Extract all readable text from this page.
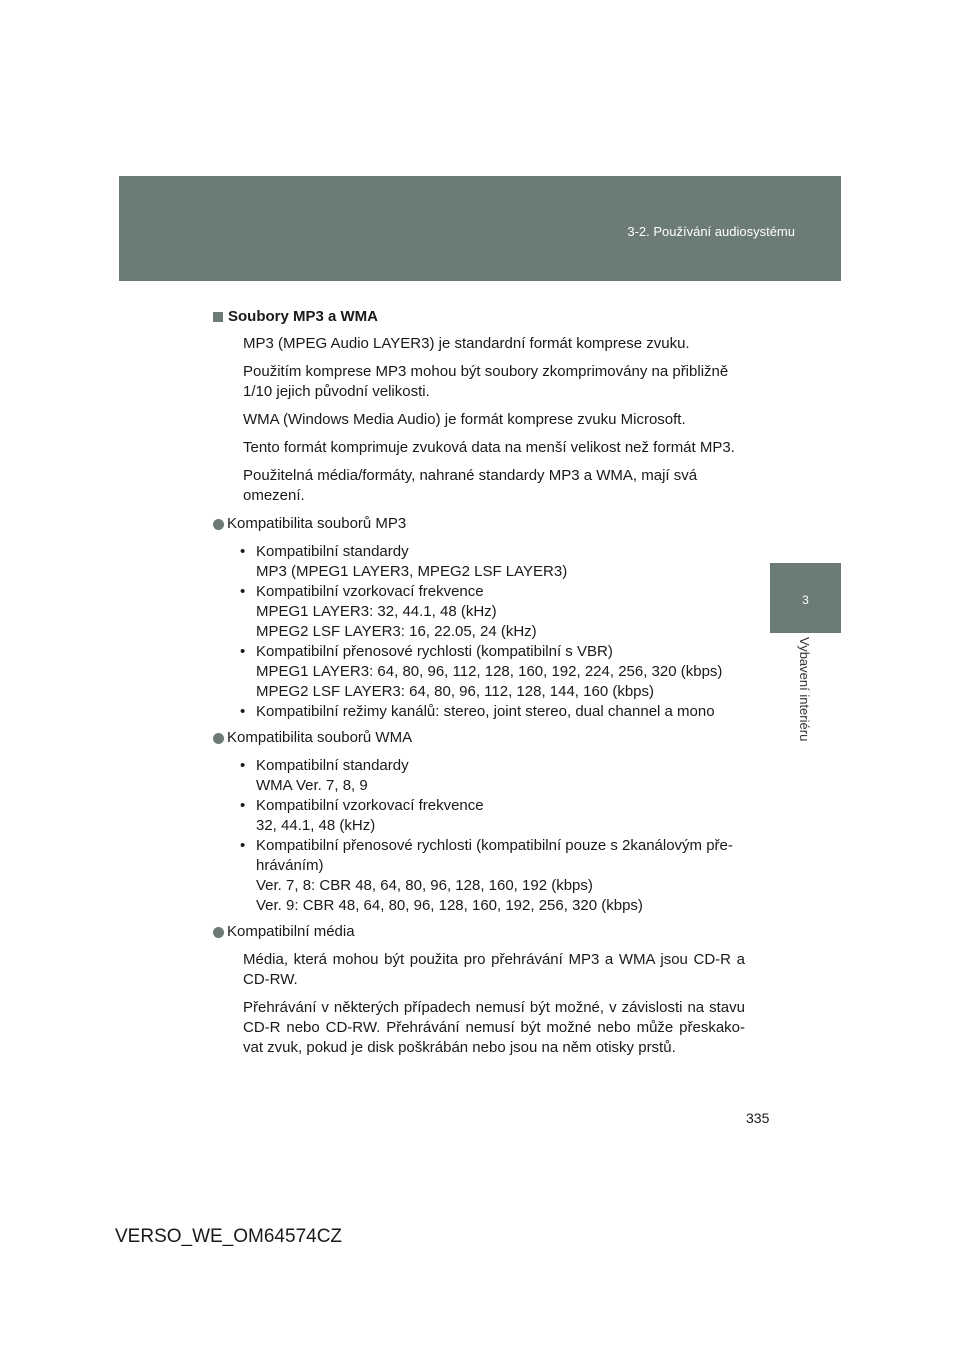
3-2. Používání audiosystému
3
Vybavení interiéru
Soubory MP3 a WMA

MP3 (MPEG Audio LAYER3) je standardní formát komprese zvuku.

Použitím komprese MP3 mohou být soubory zkomprimovány na přibližně 1/10 jejich původní velikosti.

WMA (Windows Media Audio) je formát komprese zvuku Microsoft.

Tento formát komprimuje zvuková data na menší velikost než formát MP3.

Použitelná média/formáty, nahrané standardy MP3 a WMA, mají svá omezení.

Kompatibilita souborů MP3
• Kompatibilní standardy
MP3 (MPEG1 LAYER3, MPEG2 LSF LAYER3)
• Kompatibilní vzorkovací frekvence
MPEG1 LAYER3: 32, 44.1, 48 (kHz)
MPEG2 LSF LAYER3: 16, 22.05, 24 (kHz)
• Kompatibilní přenosové rychlosti (kompatibilní s VBR)
MPEG1 LAYER3: 64, 80, 96, 112, 128, 160, 192, 224, 256, 320 (kbps)
MPEG2 LSF LAYER3: 64, 80, 96, 112, 128, 144, 160 (kbps)
• Kompatibilní režimy kanálů: stereo, joint stereo, dual channel a mono
Kompatibilita souborů WMA
• Kompatibilní standardy
WMA Ver. 7, 8, 9
• Kompatibilní vzorkovací frekvence
32, 44.1, 48 (kHz)
• Kompatibilní přenosové rychlosti (kompatibilní pouze s 2kanálovým pře-
hráváním)
Ver. 7, 8: CBR 48, 64, 80, 96, 128, 160, 192 (kbps)
Ver. 9: CBR 48, 64, 80, 96, 128, 160, 192, 256, 320 (kbps)
Kompatibilní média

Média, která mohou být použita pro přehrávání MP3 a WMA jsou CD-R a CD-RW.

Přehrávání v některých případech nemusí být možné, v závislosti na stavu CD-R nebo CD-RW. Přehrávání nemusí být možné nebo může přeskako-vat zvuk, pokud je disk poškrábán nebo jsou na něm otisky prstů.

335
VERSO_WE_OM64574CZ
